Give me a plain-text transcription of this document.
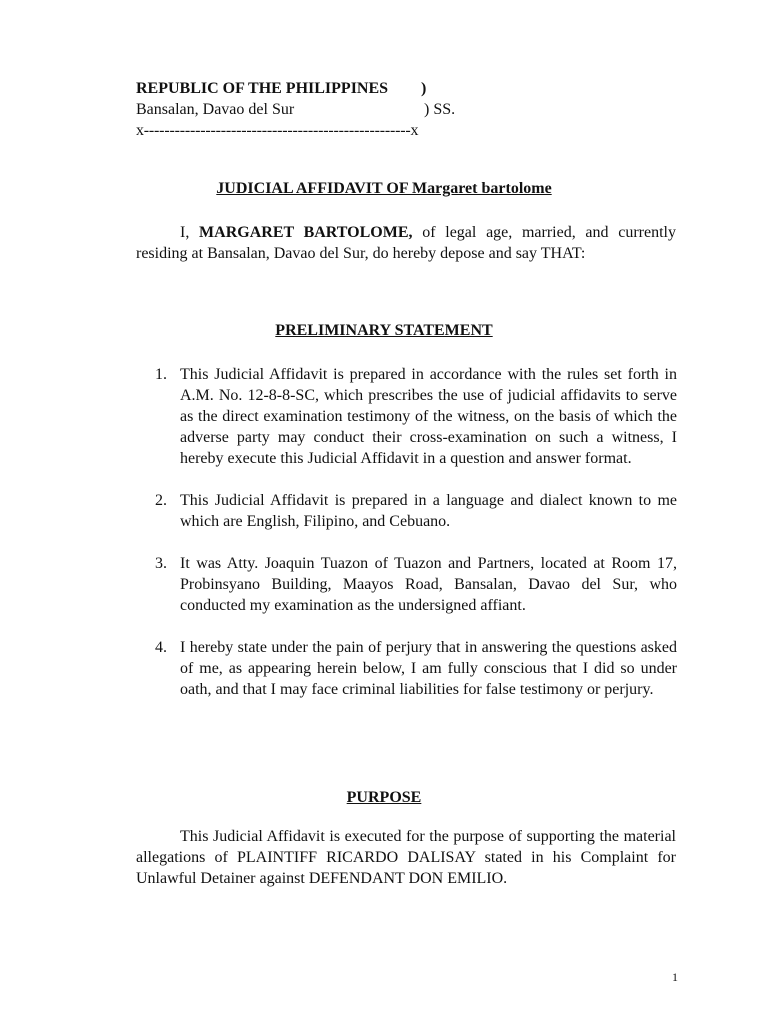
REPUBLIC OF THE PHILIPPINES )
Bansalan, Davao del Sur	) SS.
x----------------------------------------------------x
JUDICIAL AFFIDAVIT OF Margaret bartolome
I, MARGARET BARTOLOME, of legal age, married, and currently residing at Bansalan, Davao del Sur, do hereby depose and say THAT:
PRELIMINARY STATEMENT
1. This Judicial Affidavit is prepared in accordance with the rules set forth in A.M. No. 12-8-8-SC, which prescribes the use of judicial affidavits to serve as the direct examination testimony of the witness, on the basis of which the adverse party may conduct their cross-examination on such a witness, I hereby execute this Judicial Affidavit in a question and answer format.
2. This Judicial Affidavit is prepared in a language and dialect known to me which are English, Filipino, and Cebuano.
3. It was Atty. Joaquin Tuazon of Tuazon and Partners, located at Room 17, Probinsyano Building, Maayos Road, Bansalan, Davao del Sur, who conducted my examination as the undersigned affiant.
4. I hereby state under the pain of perjury that in answering the questions asked of me, as appearing herein below, I am fully conscious that I did so under oath, and that I may face criminal liabilities for false testimony or perjury.
PURPOSE
This Judicial Affidavit is executed for the purpose of supporting the material allegations of PLAINTIFF RICARDO DALISAY stated in his Complaint for Unlawful Detainer against DEFENDANT DON EMILIO.
1
